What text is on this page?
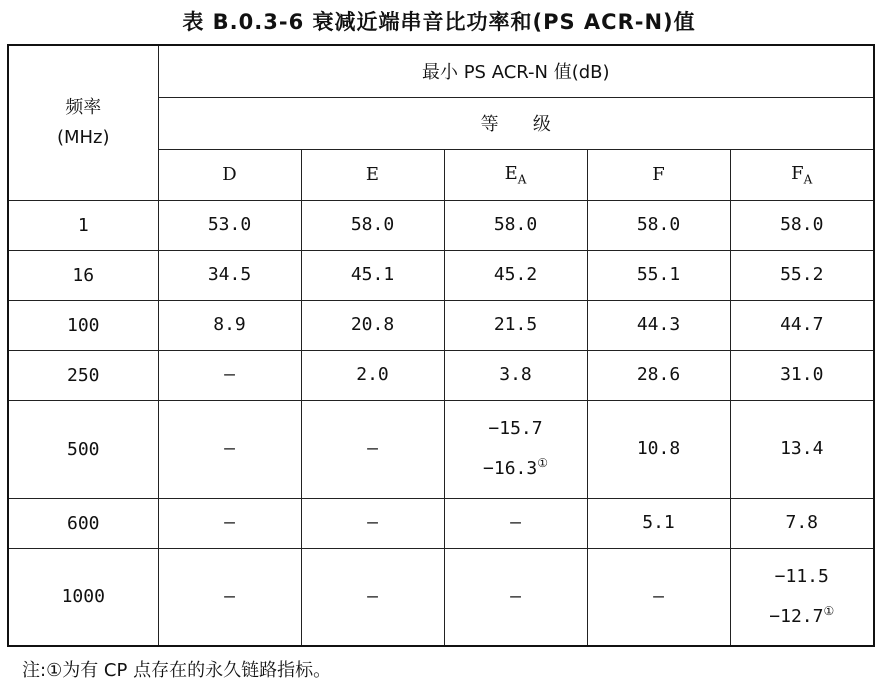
表 B.0.3-6 衰减近端串音比功率和(PS ACR-N)值
频率
(MHz)	最小 PS ACR-N 值(dB)				
	等      级				
	D	E	$E_A$	F	$F_A$
1	53.0	58.0	58.0	58.0	58.0

16	34.5	45.1	45.2	55.1	55.2

100	8.9	20.8	21.5	44.3	44.7

250	—	2.0	3.8	28.6	31.0

500	—	—	−15.7
−16.3①	10.8	13.4

600	—	—	—	5.1	7.8

1000	—	—	—	—	−11.5
−12.7①
注:①为有 CP 点存在的永久链路指标。
